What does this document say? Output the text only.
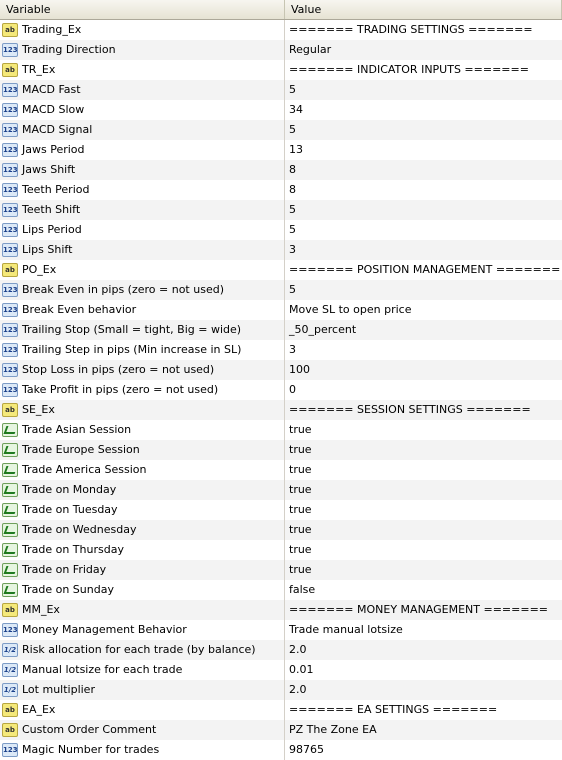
Variable	Value
ab Trading_Ex	======= TRADING SETTINGS =======
123 Trading Direction	Regular
ab TR_Ex	======= INDICATOR INPUTS =======
123 MACD Fast	5
123 MACD Slow	34
123 MACD Signal	5
123 Jaws Period	13
123 Jaws Shift	8
123 Teeth Period	8
123 Teeth Shift	5
123 Lips Period	5
123 Lips Shift	3
ab PO_Ex	======= POSITION MANAGEMENT =======
123 Break Even in pips (zero = not used)	5
123 Break Even behavior	Move SL to open price
123 Trailing Stop (Small = tight, Big = wide)	_50_percent
123 Trailing Step in pips (Min increase in SL)	3
123 Stop Loss in pips (zero = not used)	100
123 Take Profit in pips (zero = not used)	0
ab SE_Ex	======= SESSION SETTINGS =======
Trade Asian Session	true
Trade Europe Session	true
Trade America Session	true
Trade on Monday	true
Trade on Tuesday	true
Trade on Wednesday	true
Trade on Thursday	true
Trade on Friday	true
Trade on Sunday	false
ab MM_Ex	======= MONEY MANAGEMENT =======
123 Money Management Behavior	Trade manual lotsize
1/2 Risk allocation for each trade (by balance)	2.0
1/2 Manual lotsize for each trade	0.01
1/2 Lot multiplier	2.0
ab EA_Ex	======= EA SETTINGS =======
ab Custom Order Comment	PZ The Zone EA
123 Magic Number for trades	98765
